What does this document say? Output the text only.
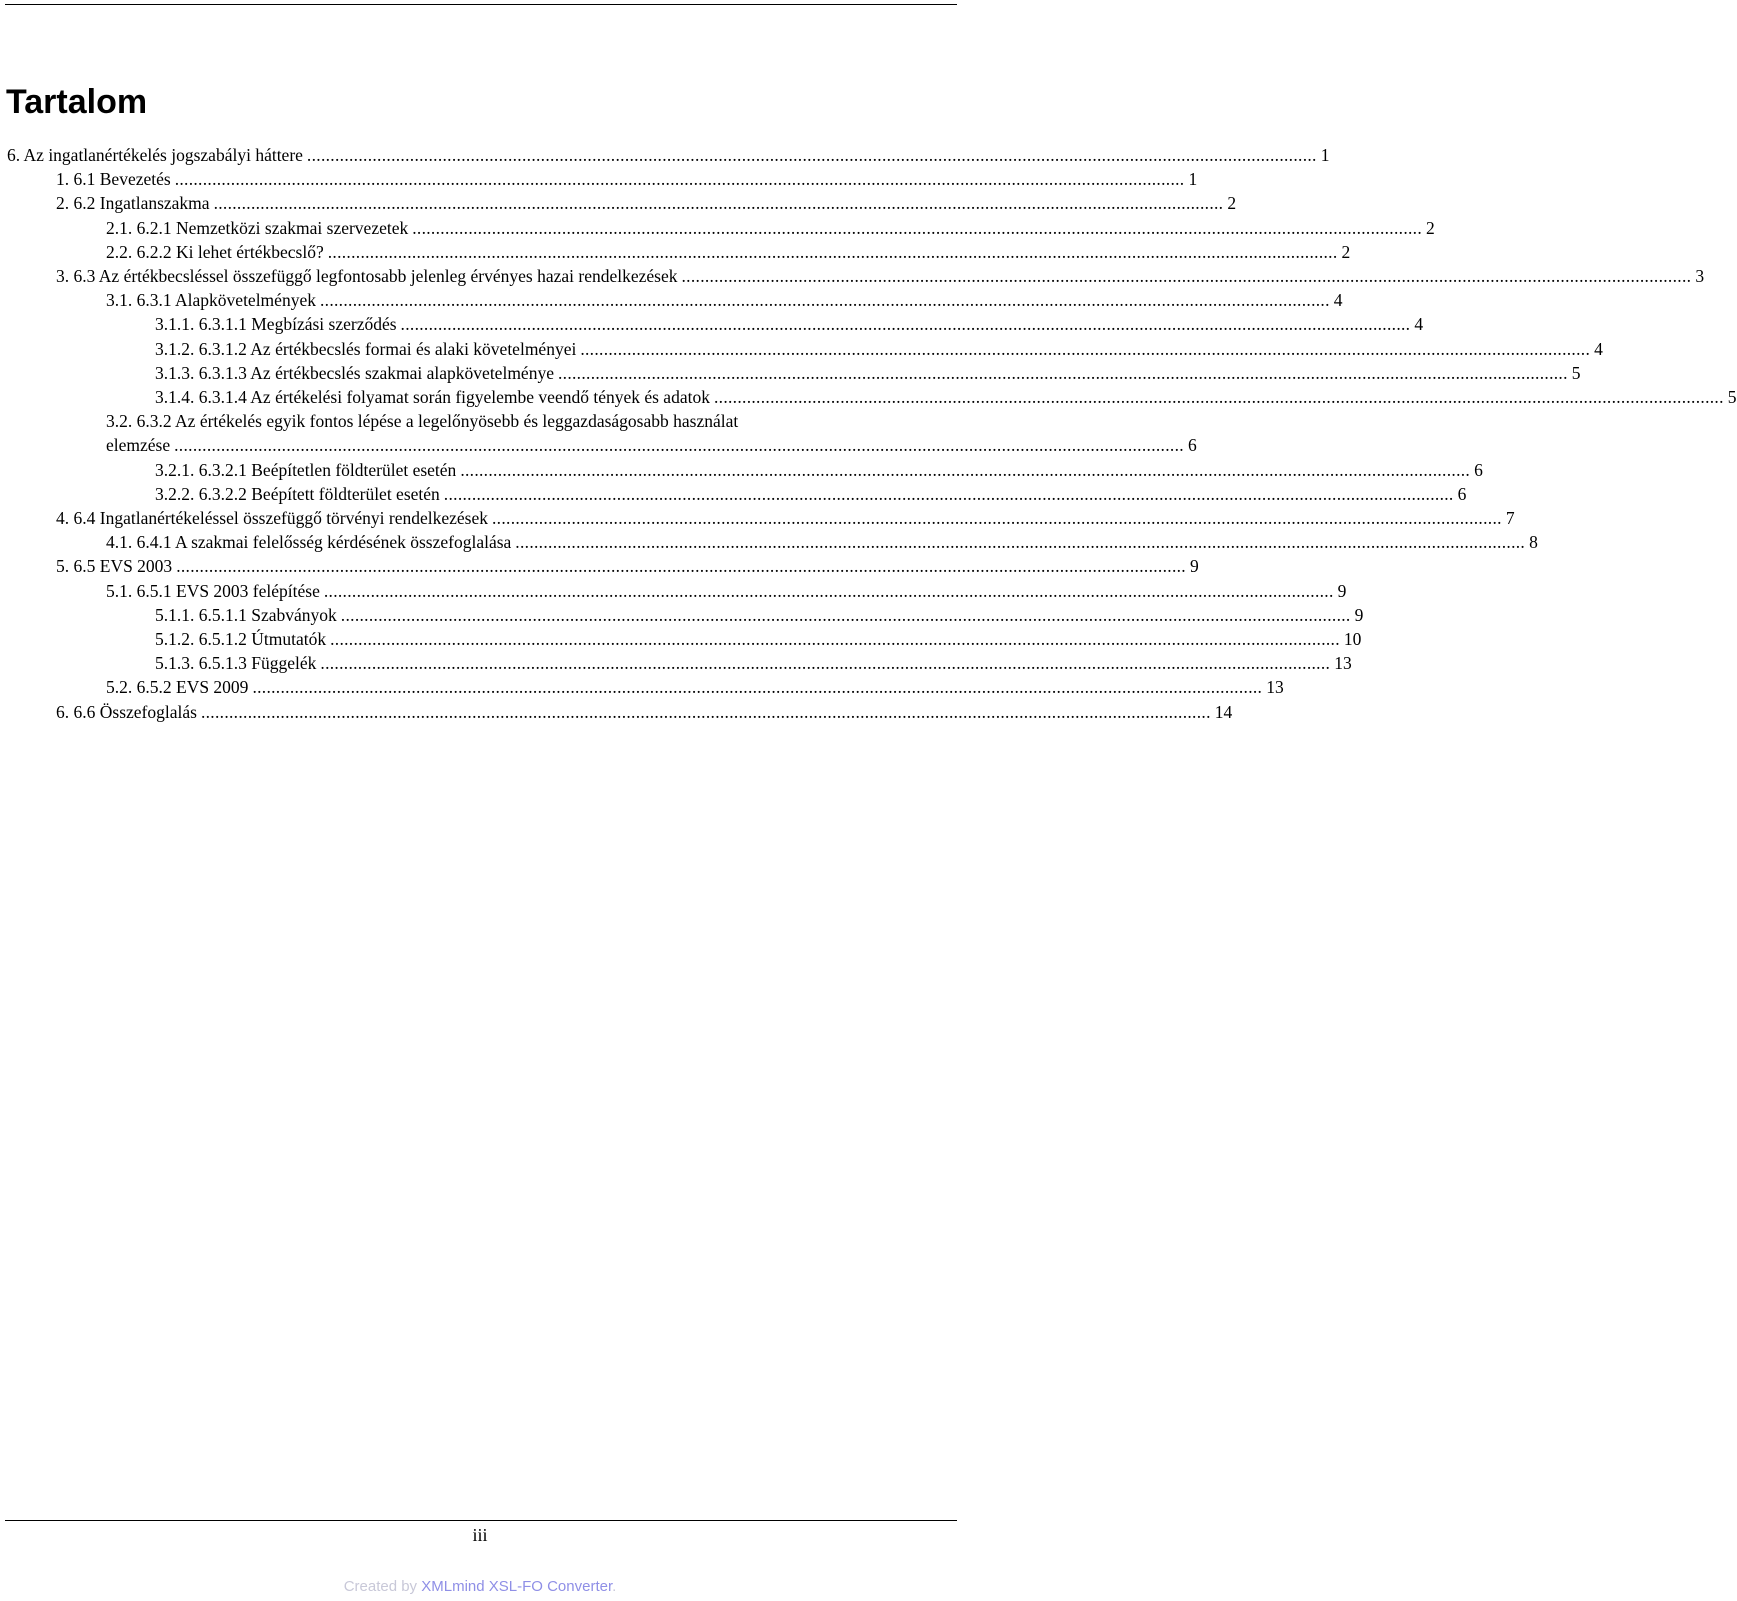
Tartalom
6. Az ingatlanértékelés jogszabályi háttere ........................................................................................................................................................................................................................ 1
1. 6.1 Bevezetés ........................................................................................................................................................................................................................ 1
2. 6.2 Ingatlanszakma ........................................................................................................................................................................................................................ 2
2.1. 6.2.1 Nemzetközi szakmai szervezetek ........................................................................................................................................................................................................................ 2
2.2. 6.2.2 Ki lehet értékbecslő? ........................................................................................................................................................................................................................ 2
3. 6.3 Az értékbecsléssel összefüggő legfontosabb jelenleg érvényes hazai rendelkezések ........................................................................................................................................................................................................................ 3
3.1. 6.3.1 Alapkövetelmények ........................................................................................................................................................................................................................ 4
3.1.1. 6.3.1.1 Megbízási szerződés ........................................................................................................................................................................................................................ 4
3.1.2. 6.3.1.2 Az értékbecslés formai és alaki követelményei ........................................................................................................................................................................................................................ 4
3.1.3. 6.3.1.3 Az értékbecslés szakmai alapkövetelménye ........................................................................................................................................................................................................................ 5
3.1.4. 6.3.1.4 Az értékelési folyamat során figyelembe veendő tények és adatok ........................................................................................................................................................................................................................ 5
3.2. 6.3.2 Az értékelés egyik fontos lépése a legelőnyösebb és leggazdaságosabb használat
elemzése ........................................................................................................................................................................................................................ 6
3.2.1. 6.3.2.1 Beépítetlen földterület esetén ........................................................................................................................................................................................................................ 6
3.2.2. 6.3.2.2 Beépített földterület esetén ........................................................................................................................................................................................................................ 6
4. 6.4 Ingatlanértékeléssel összefüggő törvényi rendelkezések ........................................................................................................................................................................................................................ 7
4.1. 6.4.1 A szakmai felelősség kérdésének összefoglalása ........................................................................................................................................................................................................................ 8
5. 6.5 EVS 2003 ........................................................................................................................................................................................................................ 9
5.1. 6.5.1 EVS 2003 felépítése ........................................................................................................................................................................................................................ 9
5.1.1. 6.5.1.1 Szabványok ........................................................................................................................................................................................................................ 9
5.1.2. 6.5.1.2 Útmutatók ........................................................................................................................................................................................................................ 10
5.1.3. 6.5.1.3 Függelék ........................................................................................................................................................................................................................ 13
5.2. 6.5.2 EVS 2009 ........................................................................................................................................................................................................................ 13
6. 6.6 Összefoglalás ........................................................................................................................................................................................................................ 14
iii
Created by XMLmind XSL-FO Converter.
